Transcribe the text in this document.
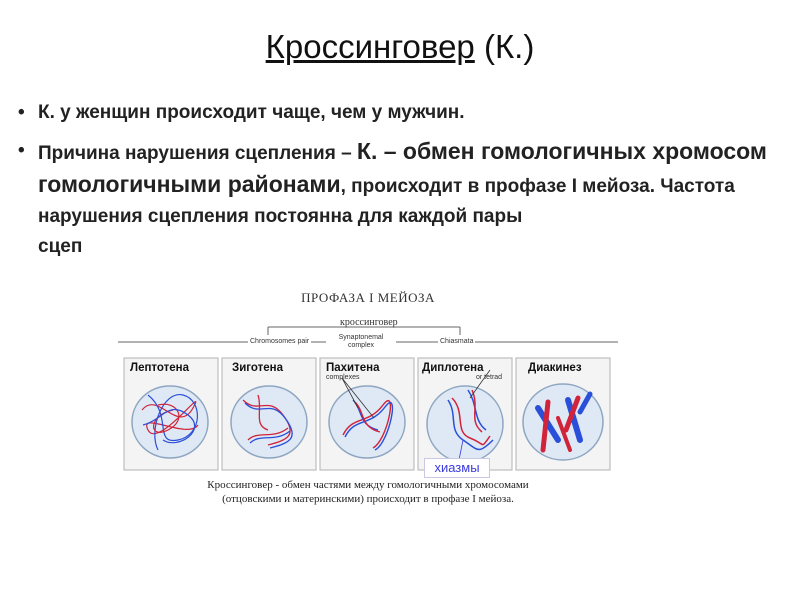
Кроссинговер (К.)
• К. у женщин происходит чаще, чем у мужчин.
• Причина нарушения сцепления – К. – обмен гомологичных хромосом гомологичными районами, происходит в профазе I мейоза. Частота нарушения сцепления постоянна для каждой пары
сцеп
ПРОФАЗА I МЕЙОЗА
кроссинговер
Chromosomes pair
Synaptonemal complex
Chiasmata
Лептотена	Зиготена	Пахитена	Диплотена	Диакинез
complexes	or tetrad
хиазмы
Кроссинговер - обмен частями между гомологичными хромосомами
(отцовскими и материнскими) происходит в профазе I мейоза.
